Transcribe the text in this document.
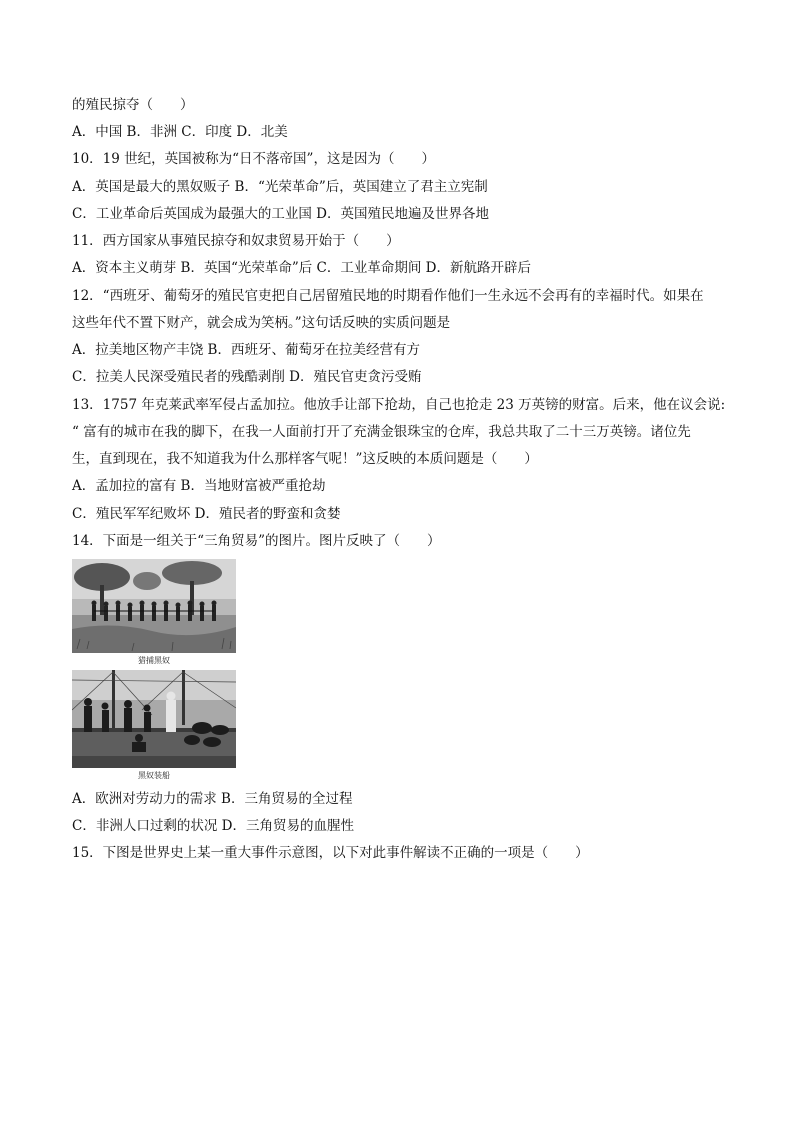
的殖民掠夺（　　）
A．中国 B．非洲 C．印度 D．北美
10．19 世纪，英国被称为“日不落帝国”，这是因为（　　）
A．英国是最大的黑奴贩子 B．“光荣革命”后，英国建立了君主立宪制
C．工业革命后英国成为最强大的工业国 D．英国殖民地遍及世界各地
11．西方国家从事殖民掠夺和奴隶贸易开始于（　　）
A．资本主义萌芽 B．英国“光荣革命”后 C．工业革命期间 D．新航路开辟后
12．“西班牙、葡萄牙的殖民官吏把自己居留殖民地的时期看作他们一生永远不会再有的幸福时代。如果在
这些年代不置下财产，就会成为笑柄。”这句话反映的实质问题是
A．拉美地区物产丰饶 B．西班牙、葡萄牙在拉美经营有方
C．拉美人民深受殖民者的残酷剥削 D．殖民官吏贪污受贿
13．1757 年克莱武率军侵占孟加拉。他放手让部下抢劫，自己也抢走 23 万英镑的财富。后来，他在议会说:
“ 富有的城市在我的脚下，在我一人面前打开了充满金银珠宝的仓库，我总共取了二十三万英镑。诸位先
生，直到现在，我不知道我为什么那样客气呢！”这反映的本质问题是（　　）
A．孟加拉的富有 B．当地财富被严重抢劫
C．殖民军军纪败坏 D．殖民者的野蛮和贪婪
14．下面是一组关于“三角贸易”的图片。图片反映了（　　）
A．欧洲对劳动力的需求 B．三角贸易的全过程
C．非洲人口过剩的状况 D．三角贸易的血腥性
15．下图是世界史上某一重大事件示意图，以下对此事件解读不正确的一项是（　　）
猎捕黑奴
黑奴装船
